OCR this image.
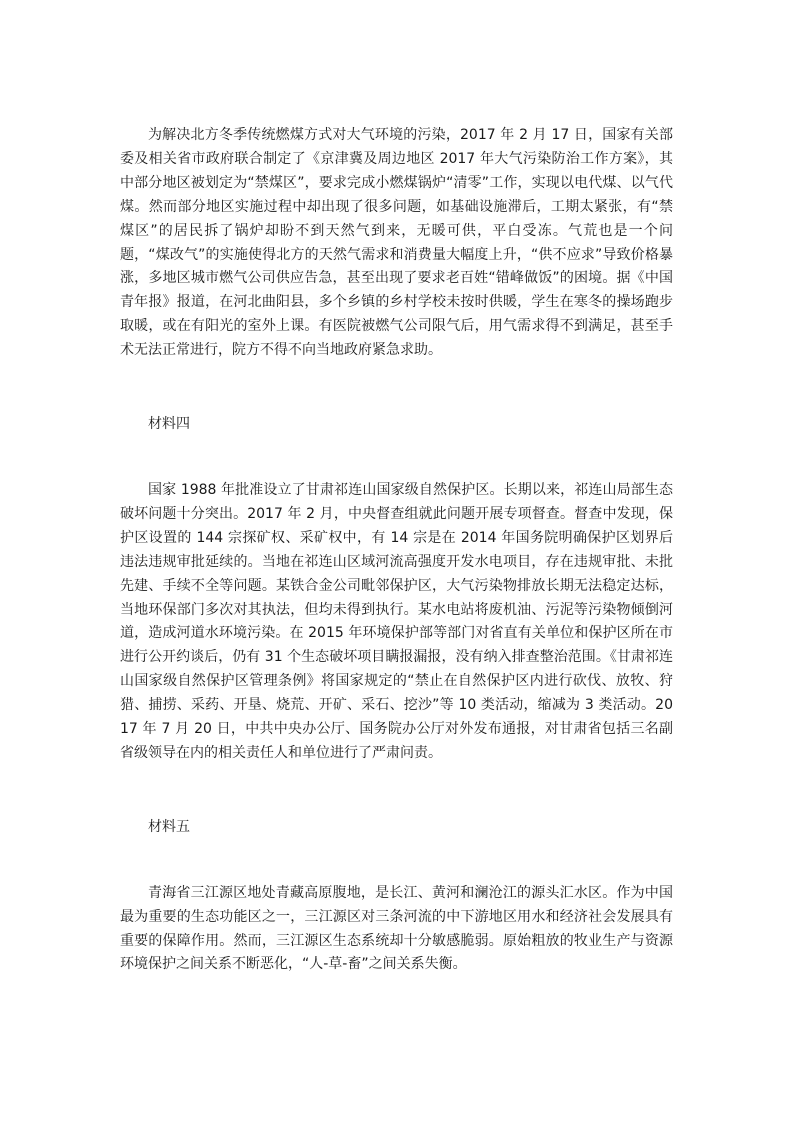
为解决北方冬季传统燃煤方式对大气环境的污染，2017 年 2 月 17 日，国家有关部委及相关省市政府联合制定了《京津冀及周边地区 2017 年大气污染防治工作方案》，其中部分地区被划定为“禁煤区”，要求完成小燃煤锅炉“清零”工作，实现以电代煤、以气代煤。然而部分地区实施过程中却出现了很多问题，如基础设施滞后，工期太紧张，有“禁煤区”的居民拆了锅炉却盼不到天然气到来，无暖可供，平白受冻。气荒也是一个问题，“煤改气”的实施使得北方的天然气需求和消费量大幅度上升，“供不应求”导致价格暴涨，多地区城市燃气公司供应告急，甚至出现了要求老百姓“错峰做饭”的困境。据《中国青年报》报道，在河北曲阳县，多个乡镇的乡村学校未按时供暖，学生在寒冬的操场跑步取暖，或在有阳光的室外上课。有医院被燃气公司限气后，用气需求得不到满足，甚至手术无法正常进行，院方不得不向当地政府紧急求助。

材料四

国家 1988 年批准设立了甘肃祁连山国家级自然保护区。长期以来，祁连山局部生态破坏问题十分突出。2017 年 2 月，中央督查组就此问题开展专项督查。督查中发现，保护区设置的 144 宗探矿权、采矿权中，有 14 宗是在 2014 年国务院明确保护区划界后违法违规审批延续的。当地在祁连山区域河流高强度开发水电项目，存在违规审批、未批先建、手续不全等问题。某铁合金公司毗邻保护区，大气污染物排放长期无法稳定达标，当地环保部门多次对其执法，但均未得到执行。某水电站将废机油、污泥等污染物倾倒河道，造成河道水环境污染。在 2015 年环境保护部等部门对省直有关单位和保护区所在市进行公开约谈后，仍有 31 个生态破坏项目瞒报漏报，没有纳入排查整治范围。《甘肃祁连山国家级自然保护区管理条例》将国家规定的“禁止在自然保护区内进行砍伐、放牧、狩猎、捕捞、采药、开垦、烧荒、开矿、采石、挖沙”等 10 类活动，缩减为 3 类活动。2017 年 7 月 20 日，中共中央办公厅、国务院办公厅对外发布通报，对甘肃省包括三名副省级领导在内的相关责任人和单位进行了严肃问责。

材料五

青海省三江源区地处青藏高原腹地，是长江、黄河和澜沧江的源头汇水区。作为中国最为重要的生态功能区之一，三江源区对三条河流的中下游地区用水和经济社会发展具有重要的保障作用。然而，三江源区生态系统却十分敏感脆弱。原始粗放的牧业生产与资源环境保护之间关系不断恶化，“人-草-畜”之间关系失衡。
